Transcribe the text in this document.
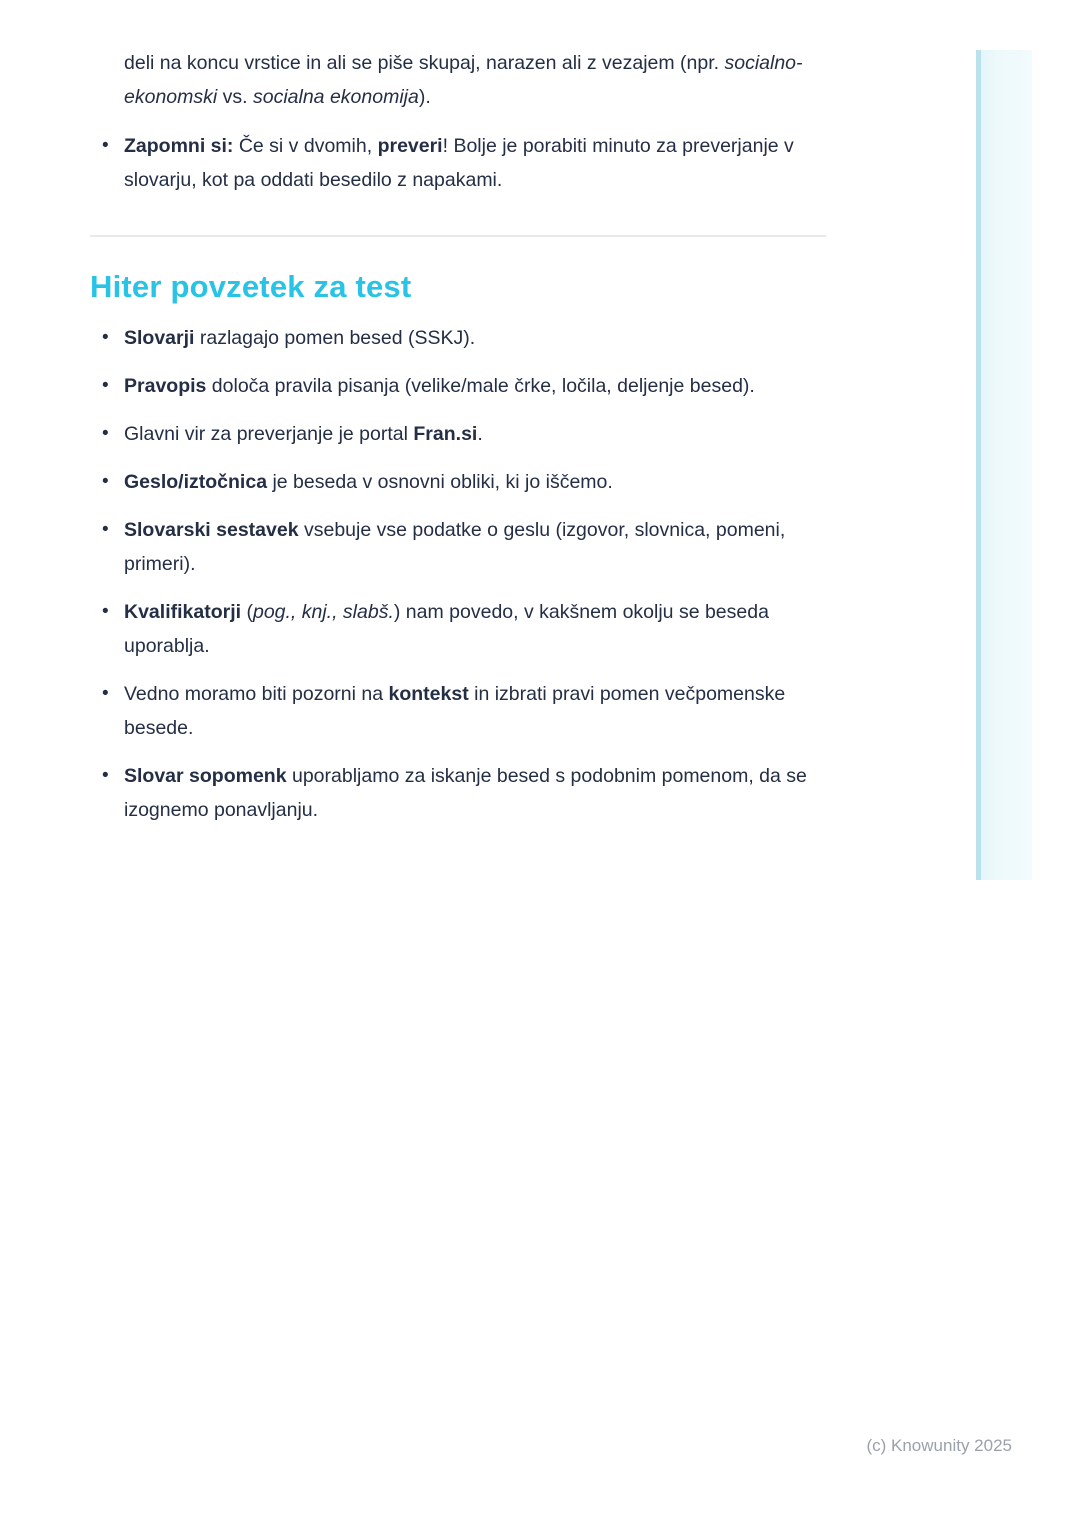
deli na koncu vrstice in ali se piše skupaj, narazen ali z vezajem (npr. socialno-ekonomski vs. socialna ekonomija).

• Zapomni si: Če si v dvomih, preveri! Bolje je porabiti minuto za preverjanje v slovarju, kot pa oddati besedilo z napakami.
Hiter povzetek za test
• Slovarji razlagajo pomen besed (SSKJ).
• Pravopis določa pravila pisanja (velike/male črke, ločila, deljenje besed).
• Glavni vir za preverjanje je portal Fran.si.
• Geslo/iztočnica je beseda v osnovni obliki, ki jo iščemo.
• Slovarski sestavek vsebuje vse podatke o geslu (izgovor, slovnica, pomeni, primeri).
• Kvalifikatorji (pog., knj., slabš.) nam povedo, v kakšnem okolju se beseda uporablja.
• Vedno moramo biti pozorni na kontekst in izbrati pravi pomen večpomenske besede.
• Slovar sopomenk uporabljamo za iskanje besed s podobnim pomenom, da se izognemo ponavljanju.
(c) Knowunity 2025
